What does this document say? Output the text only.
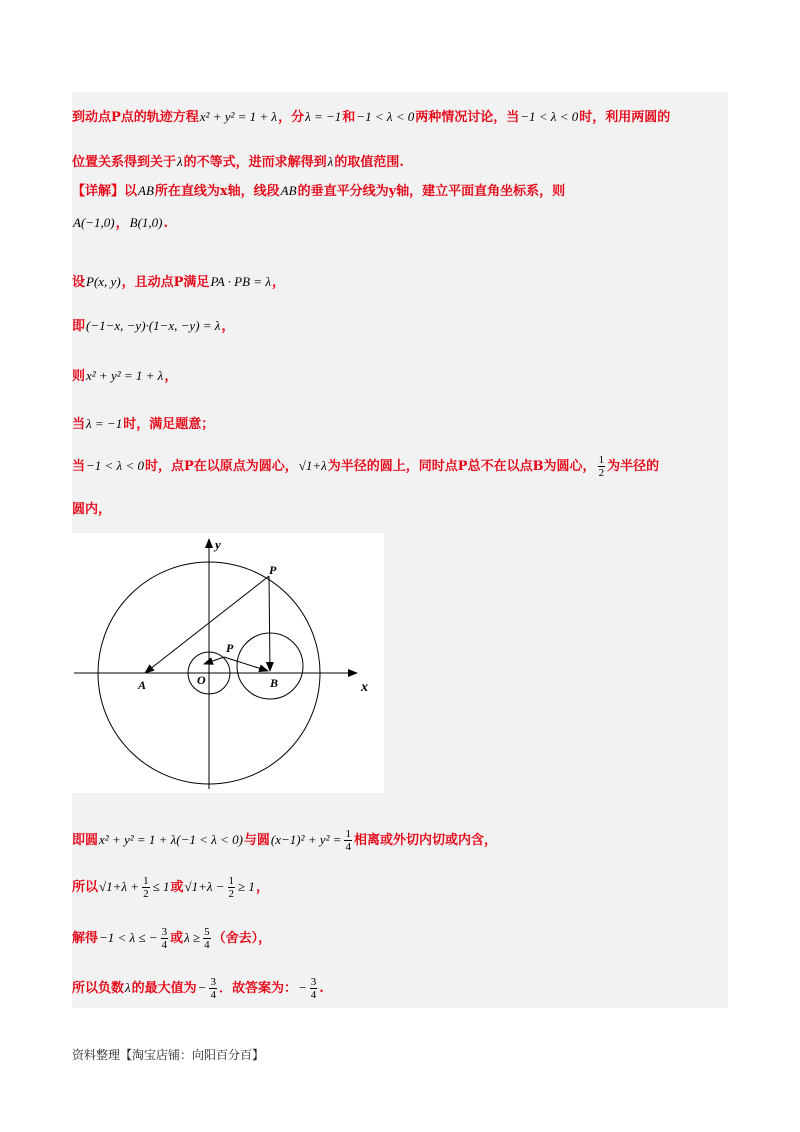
到动点P点的轨迹方程x² + y² = 1 + λ，分λ = −1和−1 < λ < 0两种情况讨论，当−1 < λ < 0时，利用两圆的
位置关系得到关于λ的不等式，进而求解得到λ的取值范围.
【详解】以AB所在直线为x轴，线段AB的垂直平分线为y轴，建立平面直角坐标系，则
A(−1,0)，B(1,0).
设P(x, y)，且动点P满足PA · PB = λ，
即(−1−x, −y)·(1−x, −y) = λ，
则x² + y² = 1 + λ，
当λ = −1时，满足题意；
当−1 < λ < 0时，点P在以原点为圆心，√1+λ为半径的圆上，同时点P总不在以点B为圆心， $\frac{1}{2}$ 为半径的
圆内，
y
x
P
P
A	O	B
即圆x² + y² = 1 + λ(−1 < λ < 0)与圆$(x-1)^2 + y^2 = \frac{1}{4}$ 相离或外切内切或内含，
所以$√1+\lambda + \frac{1}{2} \le 1$或$√1+\lambda - \frac{1}{2} \ge 1$，
解得−1 < λ ≤ − $\frac{3}{4}$ 或$\lambda \ge \frac{5}{4}$ （舍去），
所以负数λ的最大值为− $\frac{3}{4}$ ．故答案为：− $\frac{3}{4}$ .
资料整理【淘宝店铺：向阳百分百】
